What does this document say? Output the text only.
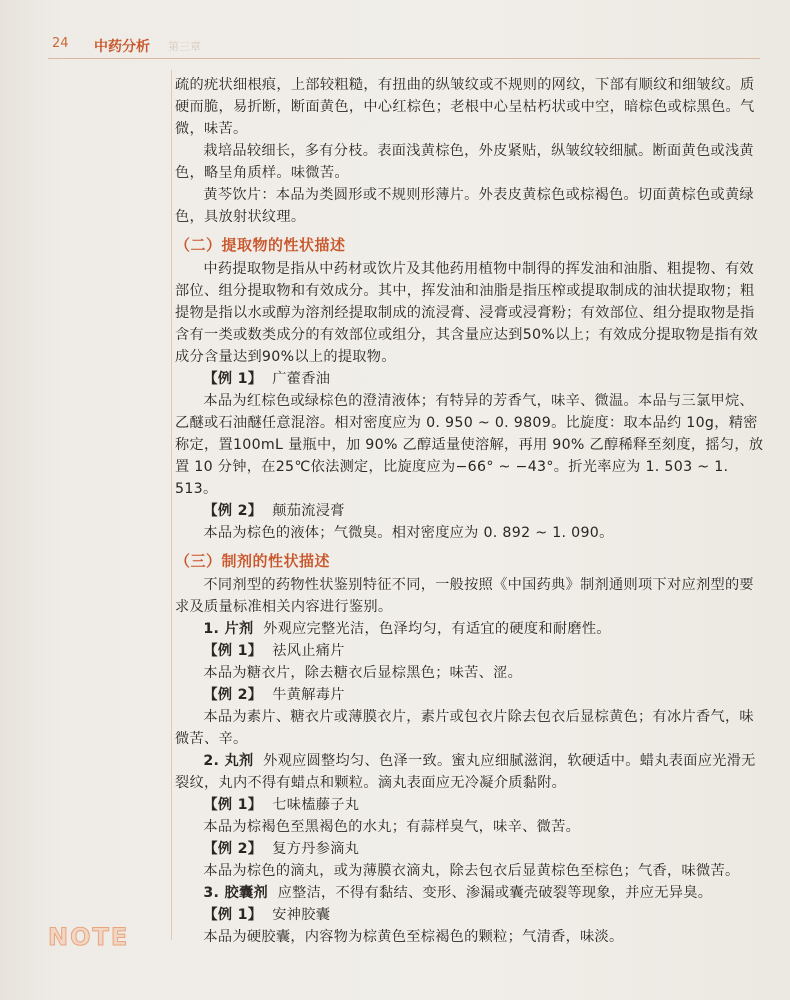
24 中药分析 第三章

疏的疣状细根痕，上部较粗糙，有扭曲的纵皱纹或不规则的网纹，下部有顺纹和细皱纹。质硬而脆，易折断，断面黄色，中心红棕色；老根中心呈枯朽状或中空，暗棕色或棕黑色。气微，味苦。

栽培品较细长，多有分枝。表面浅黄棕色，外皮紧贴，纵皱纹较细腻。断面黄色或浅黄色，略呈角质样。味微苦。

黄芩饮片：本品为类圆形或不规则形薄片。外表皮黄棕色或棕褐色。切面黄棕色或黄绿色，具放射状纹理。

（二）提取物的性状描述

中药提取物是指从中药材或饮片及其他药用植物中制得的挥发油和油脂、粗提物、有效部位、组分提取物和有效成分。其中，挥发油和油脂是指压榨或提取制成的油状提取物；粗提物是指以水或醇为溶剂经提取制成的流浸膏、浸膏或浸膏粉；有效部位、组分提取物是指含有一类或数类成分的有效部位或组分，其含量应达到50%以上；有效成分提取物是指有效成分含量达到90%以上的提取物。

【例 1】 广藿香油

本品为红棕色或绿棕色的澄清液体；有特异的芳香气，味辛、微温。本品与三氯甲烷、乙醚或石油醚任意混溶。相对密度应为 0. 950 ~ 0. 9809。比旋度：取本品约 10g，精密称定，置100mL 量瓶中，加 90% 乙醇适量使溶解，再用 90% 乙醇稀释至刻度，摇匀，放置 10 分钟，在25℃依法测定，比旋度应为−66° ~ −43°。折光率应为 1. 503 ~ 1. 513。

【例 2】 颠茄流浸膏

本品为棕色的液体；气微臭。相对密度应为 0. 892 ~ 1. 090。

（三）制剂的性状描述

不同剂型的药物性状鉴别特征不同，一般按照《中国药典》制剂通则项下对应剂型的要求及质量标准相关内容进行鉴别。

1. 片剂 外观应完整光洁，色泽均匀，有适宜的硬度和耐磨性。

【例 1】 祛风止痛片

本品为糖衣片，除去糖衣后显棕黑色；味苦、涩。

【例 2】 牛黄解毒片

本品为素片、糖衣片或薄膜衣片，素片或包衣片除去包衣后显棕黄色；有冰片香气，味微苦、辛。

2. 丸剂 外观应圆整均匀、色泽一致。蜜丸应细腻滋润，软硬适中。蜡丸表面应光滑无裂纹，丸内不得有蜡点和颗粒。滴丸表面应无冷凝介质黏附。

【例 1】 七味榼藤子丸

本品为棕褐色至黑褐色的水丸；有蒜样臭气，味辛、微苦。

【例 2】 复方丹参滴丸

本品为棕色的滴丸，或为薄膜衣滴丸，除去包衣后显黄棕色至棕色；气香，味微苦。

3. 胶囊剂 应整洁，不得有黏结、变形、渗漏或囊壳破裂等现象，并应无异臭。

【例 1】 安神胶囊

本品为硬胶囊，内容物为棕黄色至棕褐色的颗粒；气清香，味淡。

NOTE
